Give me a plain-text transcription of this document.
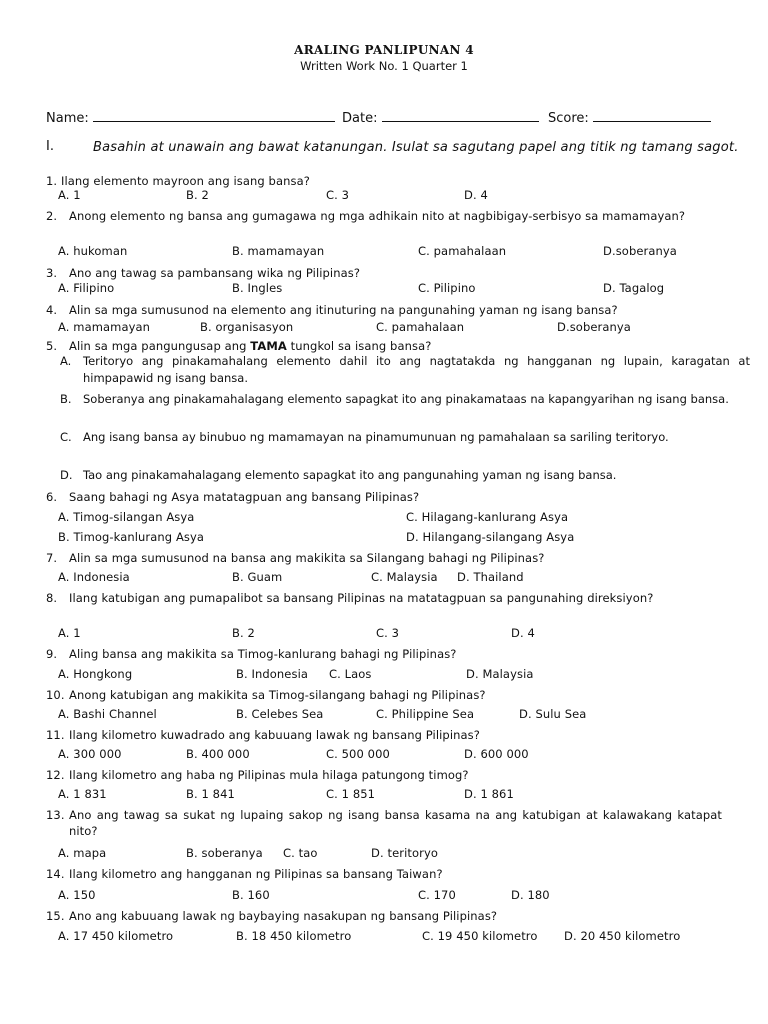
ARALING PANLIPUNAN 4
Written Work No. 1 Quarter 1
Name:	Date:	Score:
I.	Basahin at unawain ang bawat katanungan. Isulat sa sagutang papel ang titik ng tamang sagot.
1. Ilang elemento mayroon ang isang bansa?
A. 1	B. 2	C. 3	D. 4
2. Anong elemento ng bansa ang gumagawa ng mga adhikain nito at nagbibigay-serbisyo sa mamamayan?
A. hukoman	B. mamamayan	C. pamahalaan	D.soberanya
3. Ano ang tawag sa pambansang wika ng Pilipinas?
A. Filipino	B. Ingles	C. Pilipino	D. Tagalog
4. Alin sa mga sumusunod na elemento ang itinuturing na pangunahing yaman ng isang bansa?
A. mamamayan	B. organisasyon	C. pamahalaan	D.soberanya
5. Alin sa mga pangungusap ang TAMA tungkol sa isang bansa?
A. Teritoryo ang pinakamahalang elemento dahil ito ang nagtatakda ng hangganan ng lupain, karagatan at himpapawid ng isang bansa.
B. Soberanya ang pinakamahalagang elemento sapagkat ito ang pinakamataas na kapangyarihan ng isang bansa.
C. Ang isang bansa ay binubuo ng mamamayan na pinamumunuan ng pamahalaan sa sariling teritoryo.
D. Tao ang pinakamahalagang elemento sapagkat ito ang pangunahing yaman ng isang bansa.
6. Saang bahagi ng Asya matatagpuan ang bansang Pilipinas?
A. Timog-silangan Asya
B. Timog-kanlurang Asya
C. Hilagang-kanlurang Asya
D. Hilangang-silangang Asya
7. Alin sa mga sumusunod na bansa ang makikita sa Silangang bahagi ng Pilipinas?
A. Indonesia	B. Guam	C. Malaysia D. Thailand
8. Ilang katubigan ang pumapalibot sa bansang Pilipinas na matatagpuan sa pangunahing direksiyon?
A. 1	B. 2	C. 3	D. 4
9. Aling bansa ang makikita sa Timog-kanlurang bahagi ng Pilipinas?
A. Hongkong	B. Indonesia C. Laos	D. Malaysia
10. Anong katubigan ang makikita sa Timog-silangang bahagi ng Pilipinas?
A. Bashi Channel	B. Celebes Sea	C. Philippine Sea	D. Sulu Sea
11. Ilang kilometro kuwadrado ang kabuuang lawak ng bansang Pilipinas?
A. 300 000	B. 400 000	C. 500 000	D. 600 000
12. Ilang kilometro ang haba ng Pilipinas mula hilaga patungong timog?
A. 1 831	B. 1 841	C. 1 851	D. 1 861
13. Ano ang tawag sa sukat ng lupaing sakop ng isang bansa kasama na ang katubigan at kalawakang katapat nito?
A. mapa	B. soberanya C. tao	D. teritoryo
14. Ilang kilometro ang hangganan ng Pilipinas sa bansang Taiwan?
A. 150	B. 160	C. 170	D. 180
15. Ano ang kabuuang lawak ng baybaying nasakupan ng bansang Pilipinas?
A. 17 450 kilometro	B. 18 450 kilometro	C. 19 450 kilometro D. 20 450 kilometro
